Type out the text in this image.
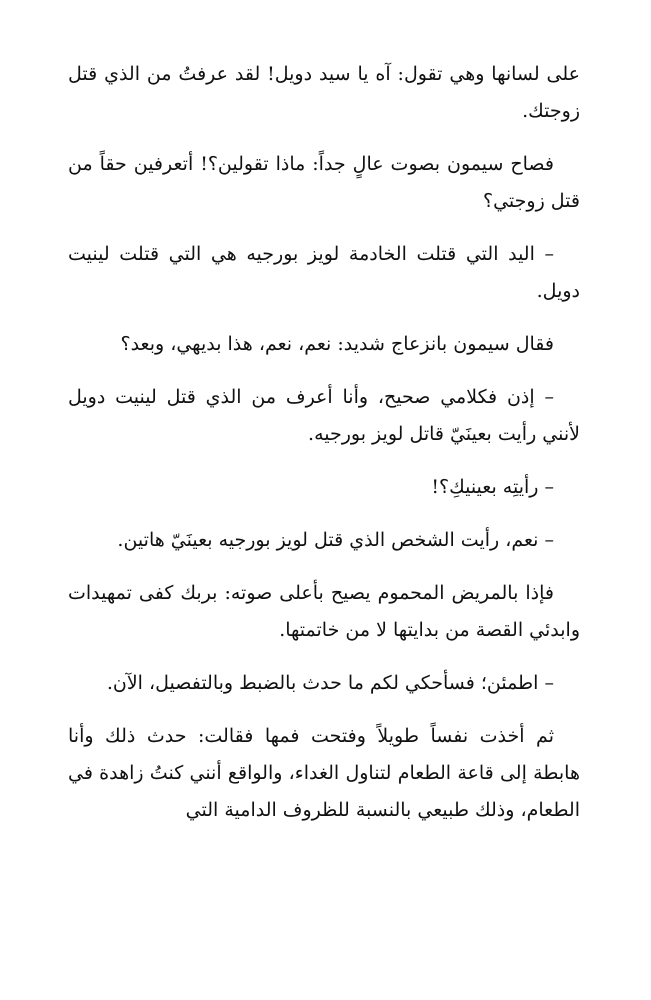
على لسانها وهي تقول: آه يا سيد دويل! لقد عرفتُ من الذي قتل زوجتك.

فصاح سيمون بصوت عالٍ جداً: ماذا تقولين؟! أتعرفين حقاً من قتل زوجتي؟

– اليد التي قتلت الخادمة لويز بورجيه هي التي قتلت لينيت دويل.

فقال سيمون بانزعاج شديد: نعم، نعم، هذا بديهي، وبعد؟

– إذن فكلامي صحيح، وأنا أعرف من الذي قتل لينيت دويل لأنني رأيت بعينَيّ قاتل لويز بورجيه.

– رأيتِه بعينيكِ؟!

– نعم، رأيت الشخص الذي قتل لويز بورجيه بعينَيّ هاتين.

فإذا بالمريض المحموم يصيح بأعلى صوته: بربك كفى تمهيدات وابدئي القصة من بدايتها لا من خاتمتها.

– اطمئن؛ فسأحكي لكم ما حدث بالضبط وبالتفصيل، الآن.

ثم أخذت نفساً طويلاً وفتحت فمها فقالت: حدث ذلك وأنا هابطة إلى قاعة الطعام لتناول الغداء، والواقع أنني كنتُ زاهدة في الطعام، وذلك طبيعي بالنسبة للظروف الدامية التي
